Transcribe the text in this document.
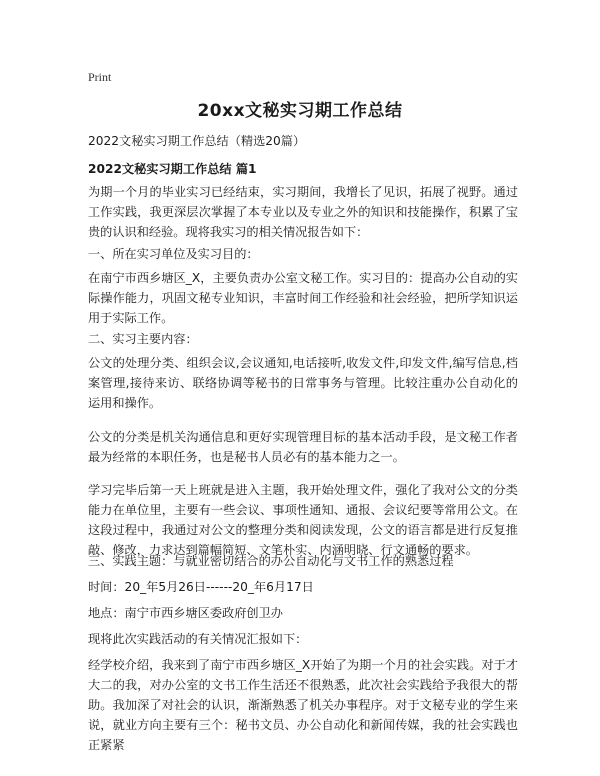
Print
20xx文秘实习期工作总结
2022文秘实习期工作总结（精选20篇）
2022文秘实习期工作总结 篇1
为期一个月的毕业实习已经结束，实习期间，我增长了见识，拓展了视野。通过工作实践，我更深层次掌握了本专业以及专业之外的知识和技能操作，积累了宝贵的认识和经验。现将我实习的相关情况报告如下：
一、所在实习单位及实习目的：
在南宁市西乡塘区_X，主要负责办公室文秘工作。实习目的：提高办公自动的实际操作能力，巩固文秘专业知识，丰富时间工作经验和社会经验，把所学知识运用于实际工作。
二、实习主要内容：
公文的处理分类、组织会议,会议通知,电话接听,收发文件,印发文件,编写信息,档案管理,接待来访、联络协调等秘书的日常事务与管理。比较注重办公自动化的运用和操作。
公文的分类是机关沟通信息和更好实现管理目标的基本活动手段，是文秘工作者最为经常的本职任务，也是秘书人员必有的基本能力之一。
学习完毕后第一天上班就是进入主题，我开始处理文件，强化了我对公文的分类能力在单位里，主要有一些会议、事项性通知、通报、会议纪要等常用公文。在这段过程中，我通过对公文的整理分类和阅读发现，公文的语言都是进行反复推敲、修改，力求达到篇幅简短、文笔朴实、内涵明晓、行文通畅的要求。
三、实践主题：与就业密切结合的办公自动化与文书工作的熟悉过程
时间：20_年5月26日------20_年6月17日
地点：南宁市西乡塘区委政府创卫办
现将此次实践活动的有关情况汇报如下：
经学校介绍，我来到了南宁市西乡塘区_X开始了为期一个月的社会实践。对于才大二的我，对办公室的文书工作生活还不很熟悉，此次社会实践给予我很大的帮助。我加深了对社会的认识，渐渐熟悉了机关办事程序。对于文秘专业的学生来说，就业方向主要有三个：秘书文员、办公自动化和新闻传媒，我的社会实践也正紧紧
